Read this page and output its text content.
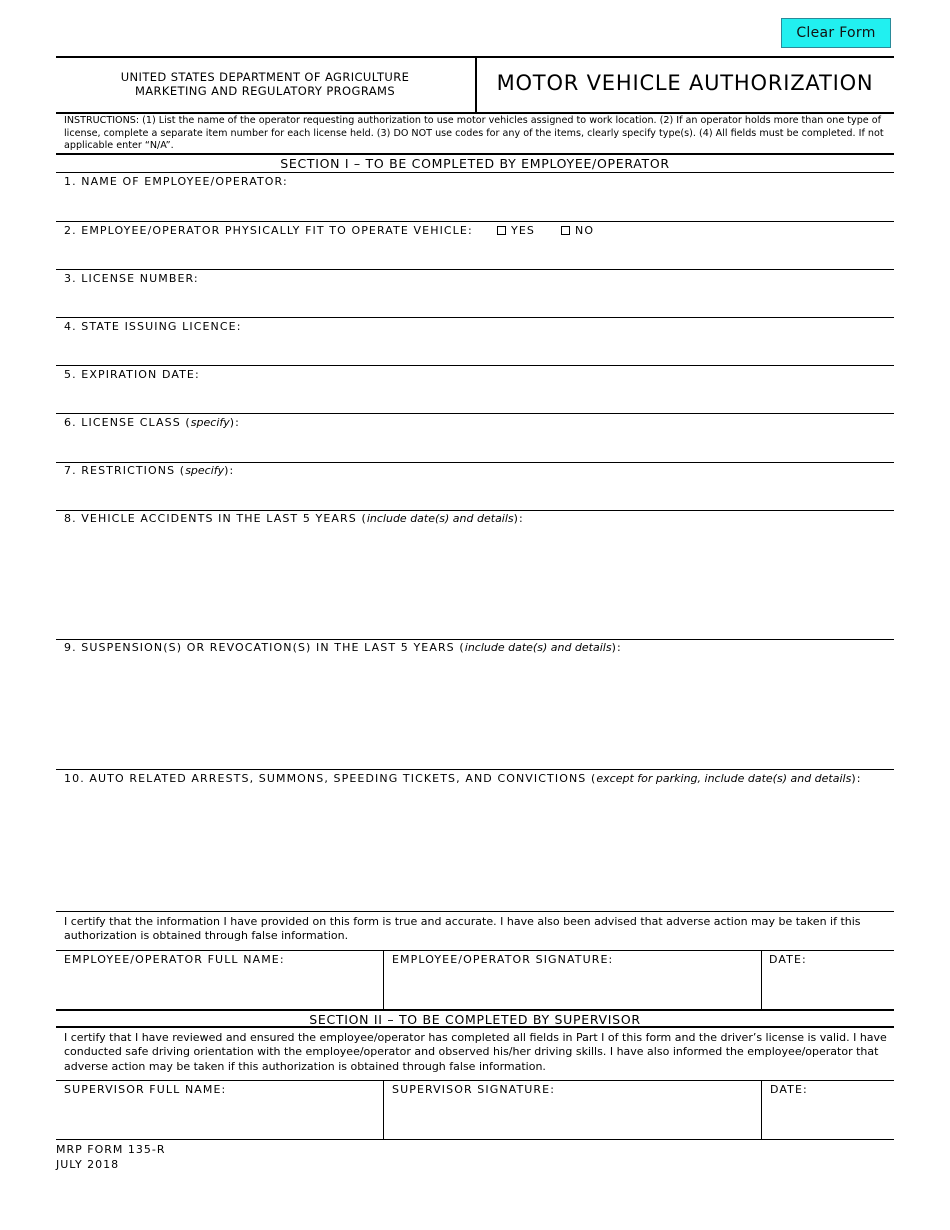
Clear Form
UNITED STATES DEPARTMENT OF AGRICULTURE
MARKETING AND REGULATORY PROGRAMS	MOTOR VEHICLE AUTHORIZATION
INSTRUCTIONS: (1) List the name of the operator requesting authorization to use motor vehicles assigned to work location. (2) If an operator holds more than one type of license, complete a separate item number for each license held. (3) DO NOT use codes for any of the items, clearly specify type(s). (4) All fields must be completed. If not applicable enter “N/A”.
SECTION I – TO BE COMPLETED BY EMPLOYEE/OPERATOR
1. NAME OF EMPLOYEE/OPERATOR:
2. EMPLOYEE/OPERATOR PHYSICALLY FIT TO OPERATE VEHICLE:	YES	NO
3. LICENSE NUMBER:
4. STATE ISSUING LICENCE:
5. EXPIRATION DATE:
6. LICENSE CLASS (specify):
7. RESTRICTIONS (specify):
8. VEHICLE ACCIDENTS IN THE LAST 5 YEARS (include date(s) and details):
9. SUSPENSION(S) OR REVOCATION(S) IN THE LAST 5 YEARS (include date(s) and details):
10. AUTO RELATED ARRESTS, SUMMONS, SPEEDING TICKETS, AND CONVICTIONS (except for parking, include date(s) and details):
I certify that the information I have provided on this form is true and accurate. I have also been advised that adverse action may be taken if this authorization is obtained through false information.
EMPLOYEE/OPERATOR FULL NAME:	EMPLOYEE/OPERATOR SIGNATURE:	DATE:
SECTION II – TO BE COMPLETED BY SUPERVISOR
I certify that I have reviewed and ensured the employee/operator has completed all fields in Part I of this form and the driver’s license is valid. I have conducted safe driving orientation with the employee/operator and observed his/her driving skills. I have also informed the employee/operator that adverse action may be taken if this authorization is obtained through false information.
SUPERVISOR FULL NAME:	SUPERVISOR SIGNATURE:	DATE:
MRP FORM 135-R
JULY 2018
